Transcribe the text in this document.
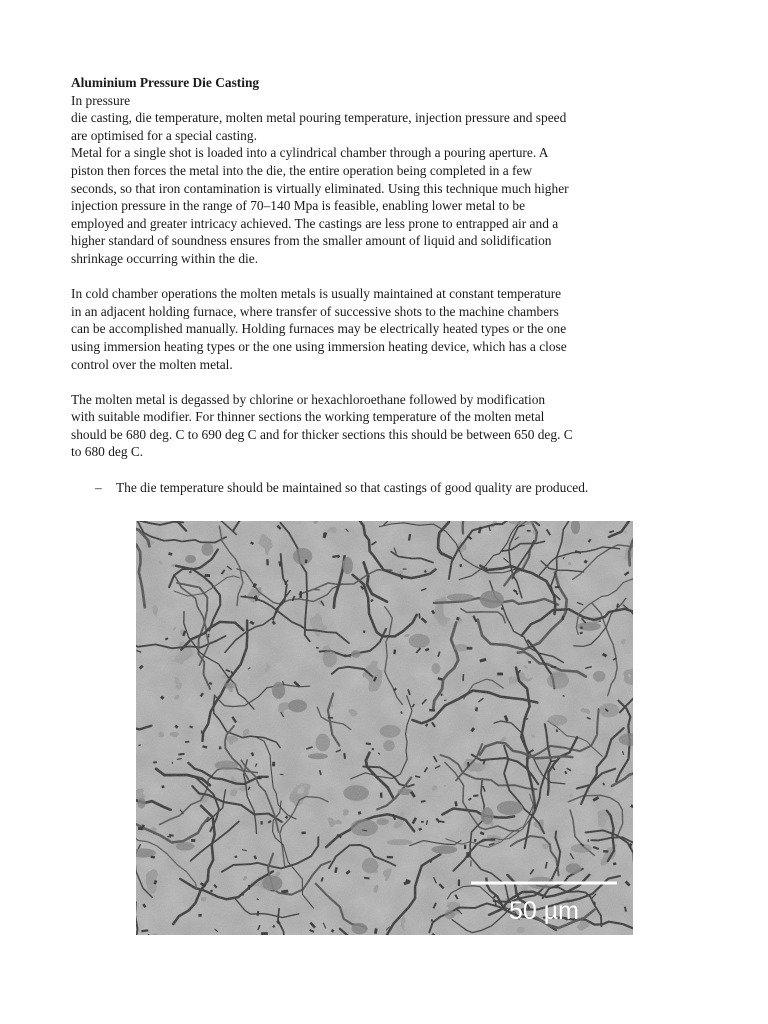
Aluminium Pressure Die Casting

In pressure

die casting, die temperature, molten metal pouring temperature, injection pressure and speed

are optimised for a special casting.

Metal for a single shot is loaded into a cylindrical chamber through a pouring aperture. A

piston then forces the metal into the die, the entire operation being completed in a few

seconds, so that iron contamination is virtually eliminated. Using this technique much higher

injection pressure in the range of 70–140 Mpa is feasible, enabling lower metal to be

employed and greater intricacy achieved. The castings are less prone to entrapped air and a

higher standard of soundness ensures from the smaller amount of liquid and solidification

shrinkage occurring within the die.

In cold chamber operations the molten metals is usually maintained at constant temperature

in an adjacent holding furnace, where transfer of successive shots to the machine chambers

can be accomplished manually. Holding furnaces may be electrically heated types or the one

using immersion heating types or the one using immersion heating device, which has a close

control over the molten metal.

The molten metal is degassed by chlorine or hexachloroethane followed by modification

with suitable modifier. For thinner sections the working temperature of the molten metal

should be 680 deg. C to 690 deg C and for thicker sections this should be between 650 deg. C

to 680 deg C.

– The die temperature should be maintained so that castings of good quality are produced.
50 µm
